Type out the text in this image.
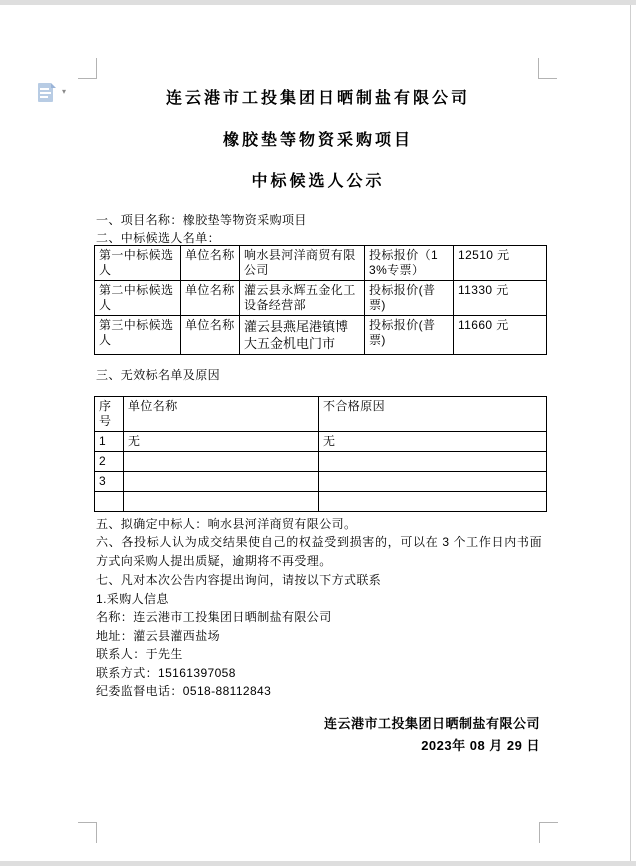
▾	连云港市工投集团日晒制盐有限公司
橡胶垫等物资采购项目
中标候选人公示
一、项目名称：橡胶垫等物资采购项目
二、中标候选人名单：
第一中标候选人	单位名称	响水县河洋商贸有限公司	投标报价（13%专票）	12510 元
第二中标候选人	单位名称	灌云县永辉五金化工设备经营部	投标报价(普票)	11330 元
第三中标候选人	单位名称	灌云县燕尾港镇博大五金机电门市	投标报价(普票)	11660 元
三、无效标名单及原因
序号	单位名称	不合格原因
1	无	无
2		
3		

五、拟确定中标人：响水县河洋商贸有限公司。
六、各投标人认为成交结果使自己的权益受到损害的，可以在 3 个工作日内书面方式向采购人提出质疑，逾期将不再受理。
七、凡对本次公告内容提出询问，请按以下方式联系
1.采购人信息
名称：连云港市工投集团日晒制盐有限公司
地址：灌云县灌西盐场
联系人：于先生
联系方式：15161397058
纪委监督电话：0518-88112843
连云港市工投集团日晒制盐有限公司
2023年 08 月 29 日
